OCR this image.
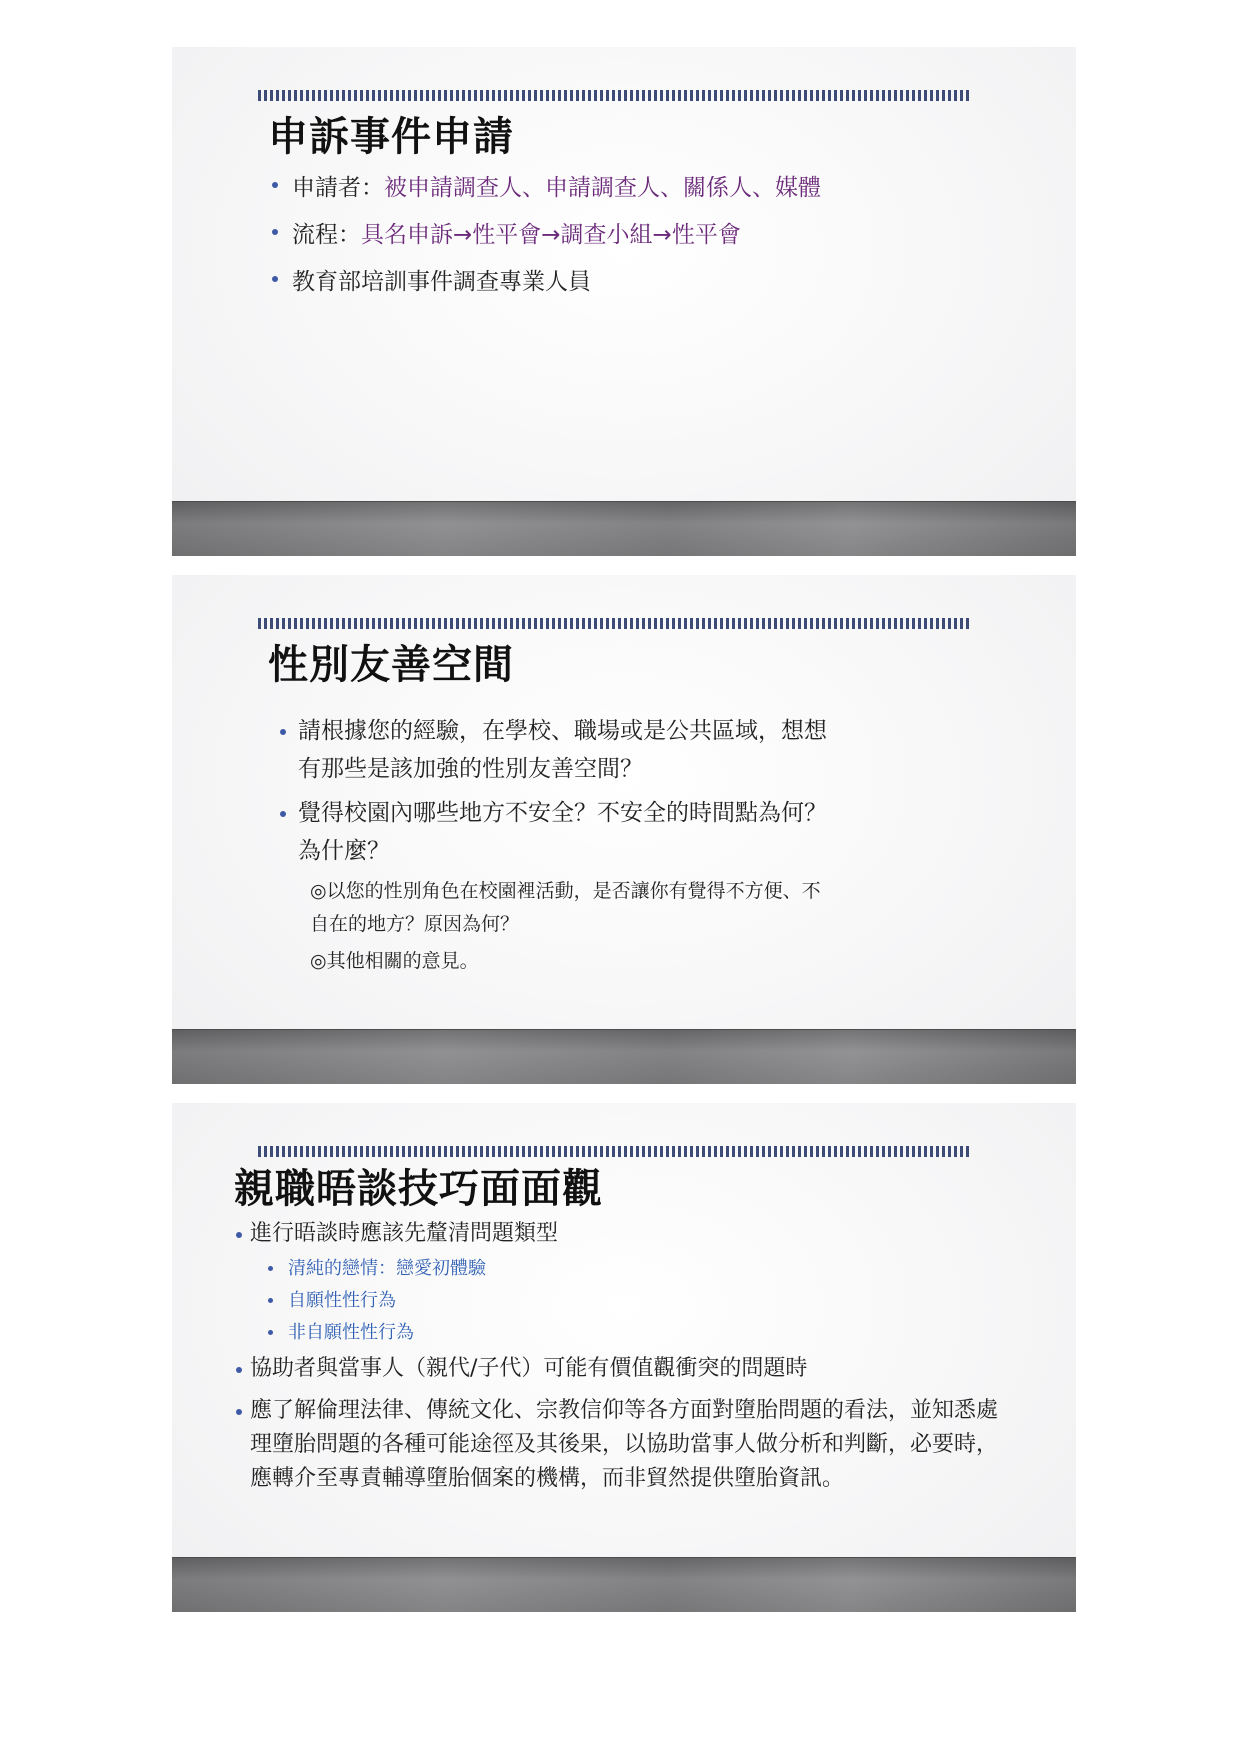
申訴事件申請
申請者：被申請調查人、申請調查人、關係人、媒體
流程：具名申訴→性平會→調查小組→性平會
教育部培訓事件調查專業人員
性別友善空間
請根據您的經驗，在學校、職場或是公共區域，想想有那些是該加強的性別友善空間？
覺得校園內哪些地方不安全？不安全的時間點為何？為什麼？
◎以您的性別角色在校園裡活動，是否讓你有覺得不方便、不自在的地方？原因為何？
◎其他相關的意見。
親職晤談技巧面面觀
進行晤談時應該先釐清問題類型
清純的戀情：戀愛初體驗
自願性性行為
非自願性性行為
協助者與當事人（親代/子代）可能有價值觀衝突的問題時
應了解倫理法律、傳統文化、宗教信仰等各方面對墮胎問題的看法，並知悉處理墮胎問題的各種可能途徑及其後果，以協助當事人做分析和判斷，必要時，應轉介至專責輔導墮胎個案的機構，而非貿然提供墮胎資訊。
